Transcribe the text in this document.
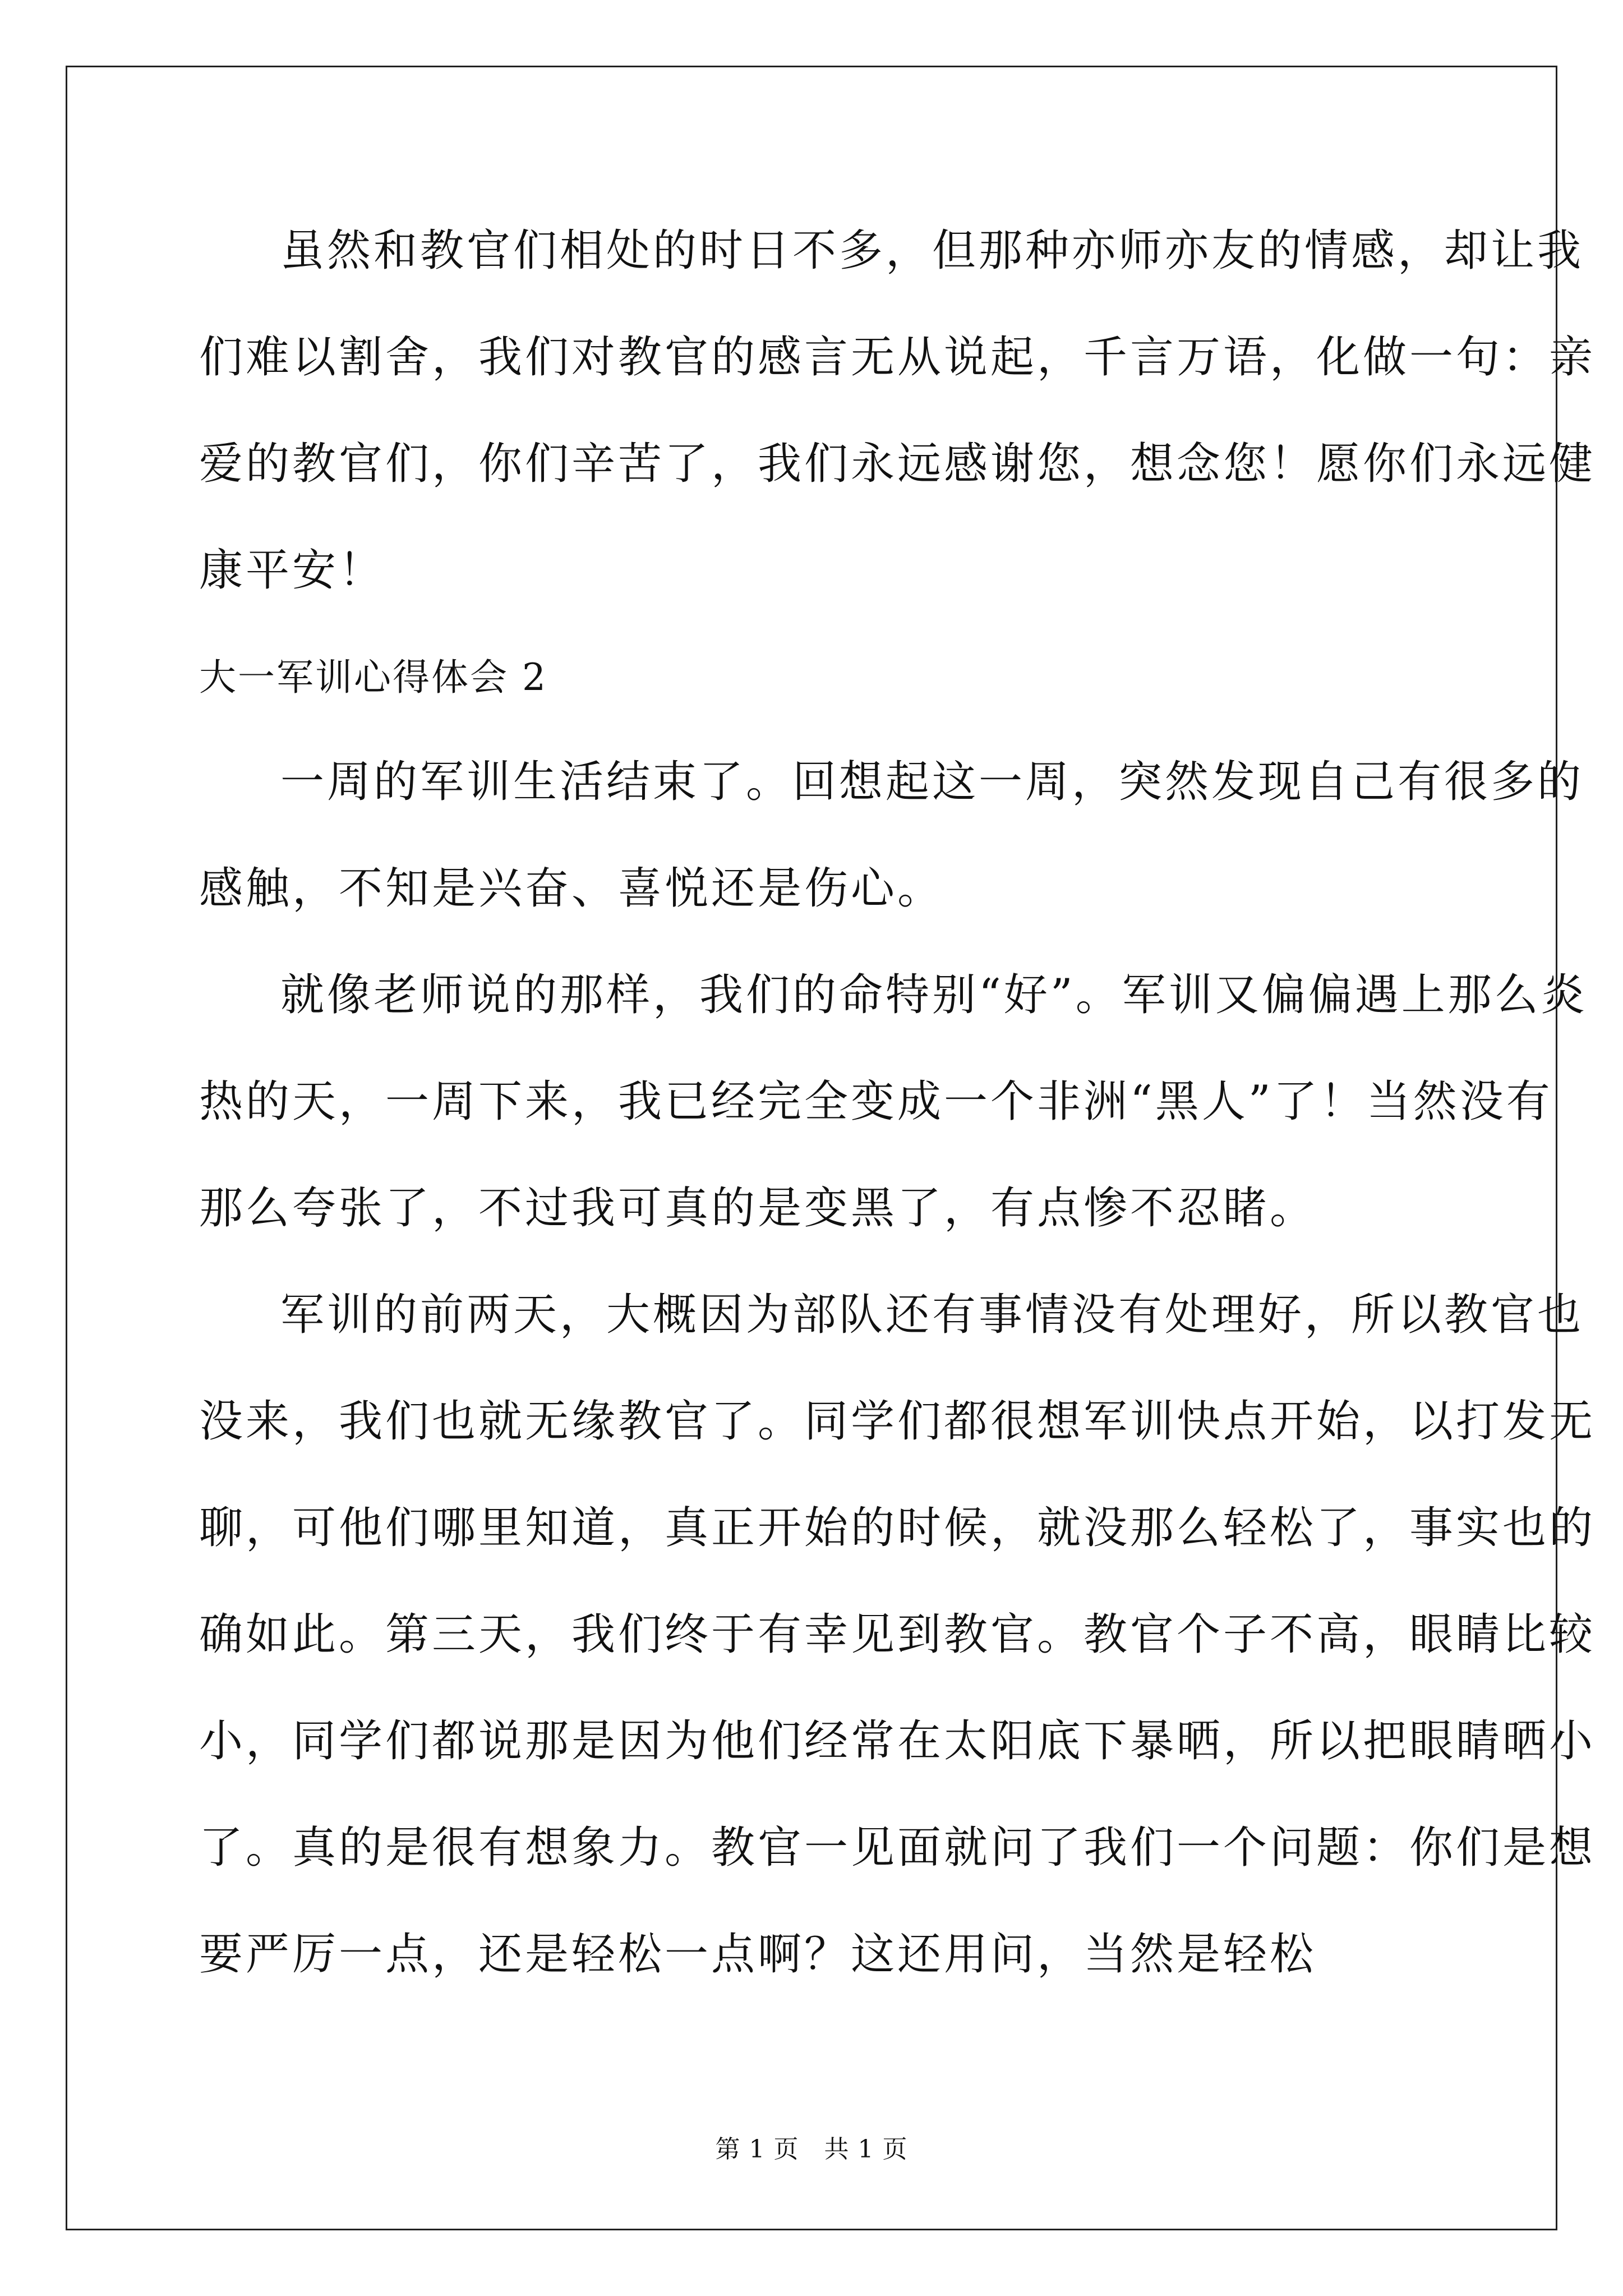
虽然和教官们相处的时日不多，但那种亦师亦友的情感，却让我
们难以割舍，我们对教官的感言无从说起，千言万语，化做一句：亲
爱的教官们，你们辛苦了，我们永远感谢您，想念您！愿你们永远健
康平安！
大一军训心得体会 2
一周的军训生活结束了。回想起这一周，突然发现自己有很多的
感触，不知是兴奋、喜悦还是伤心。
就像老师说的那样，我们的命特别“好”。军训又偏偏遇上那么炎
热的天，一周下来，我已经完全变成一个非洲“黑人”了！当然没有
那么夸张了，不过我可真的是变黑了，有点惨不忍睹。
军训的前两天，大概因为部队还有事情没有处理好，所以教官也
没来，我们也就无缘教官了。同学们都很想军训快点开始，以打发无
聊，可他们哪里知道，真正开始的时候，就没那么轻松了，事实也的
确如此。第三天，我们终于有幸见到教官。教官个子不高，眼睛比较
小，同学们都说那是因为他们经常在太阳底下暴晒，所以把眼睛晒小
了。真的是很有想象力。教官一见面就问了我们一个问题：你们是想
要严厉一点，还是轻松一点啊？这还用问，当然是轻松
第 1 页　共 1 页
